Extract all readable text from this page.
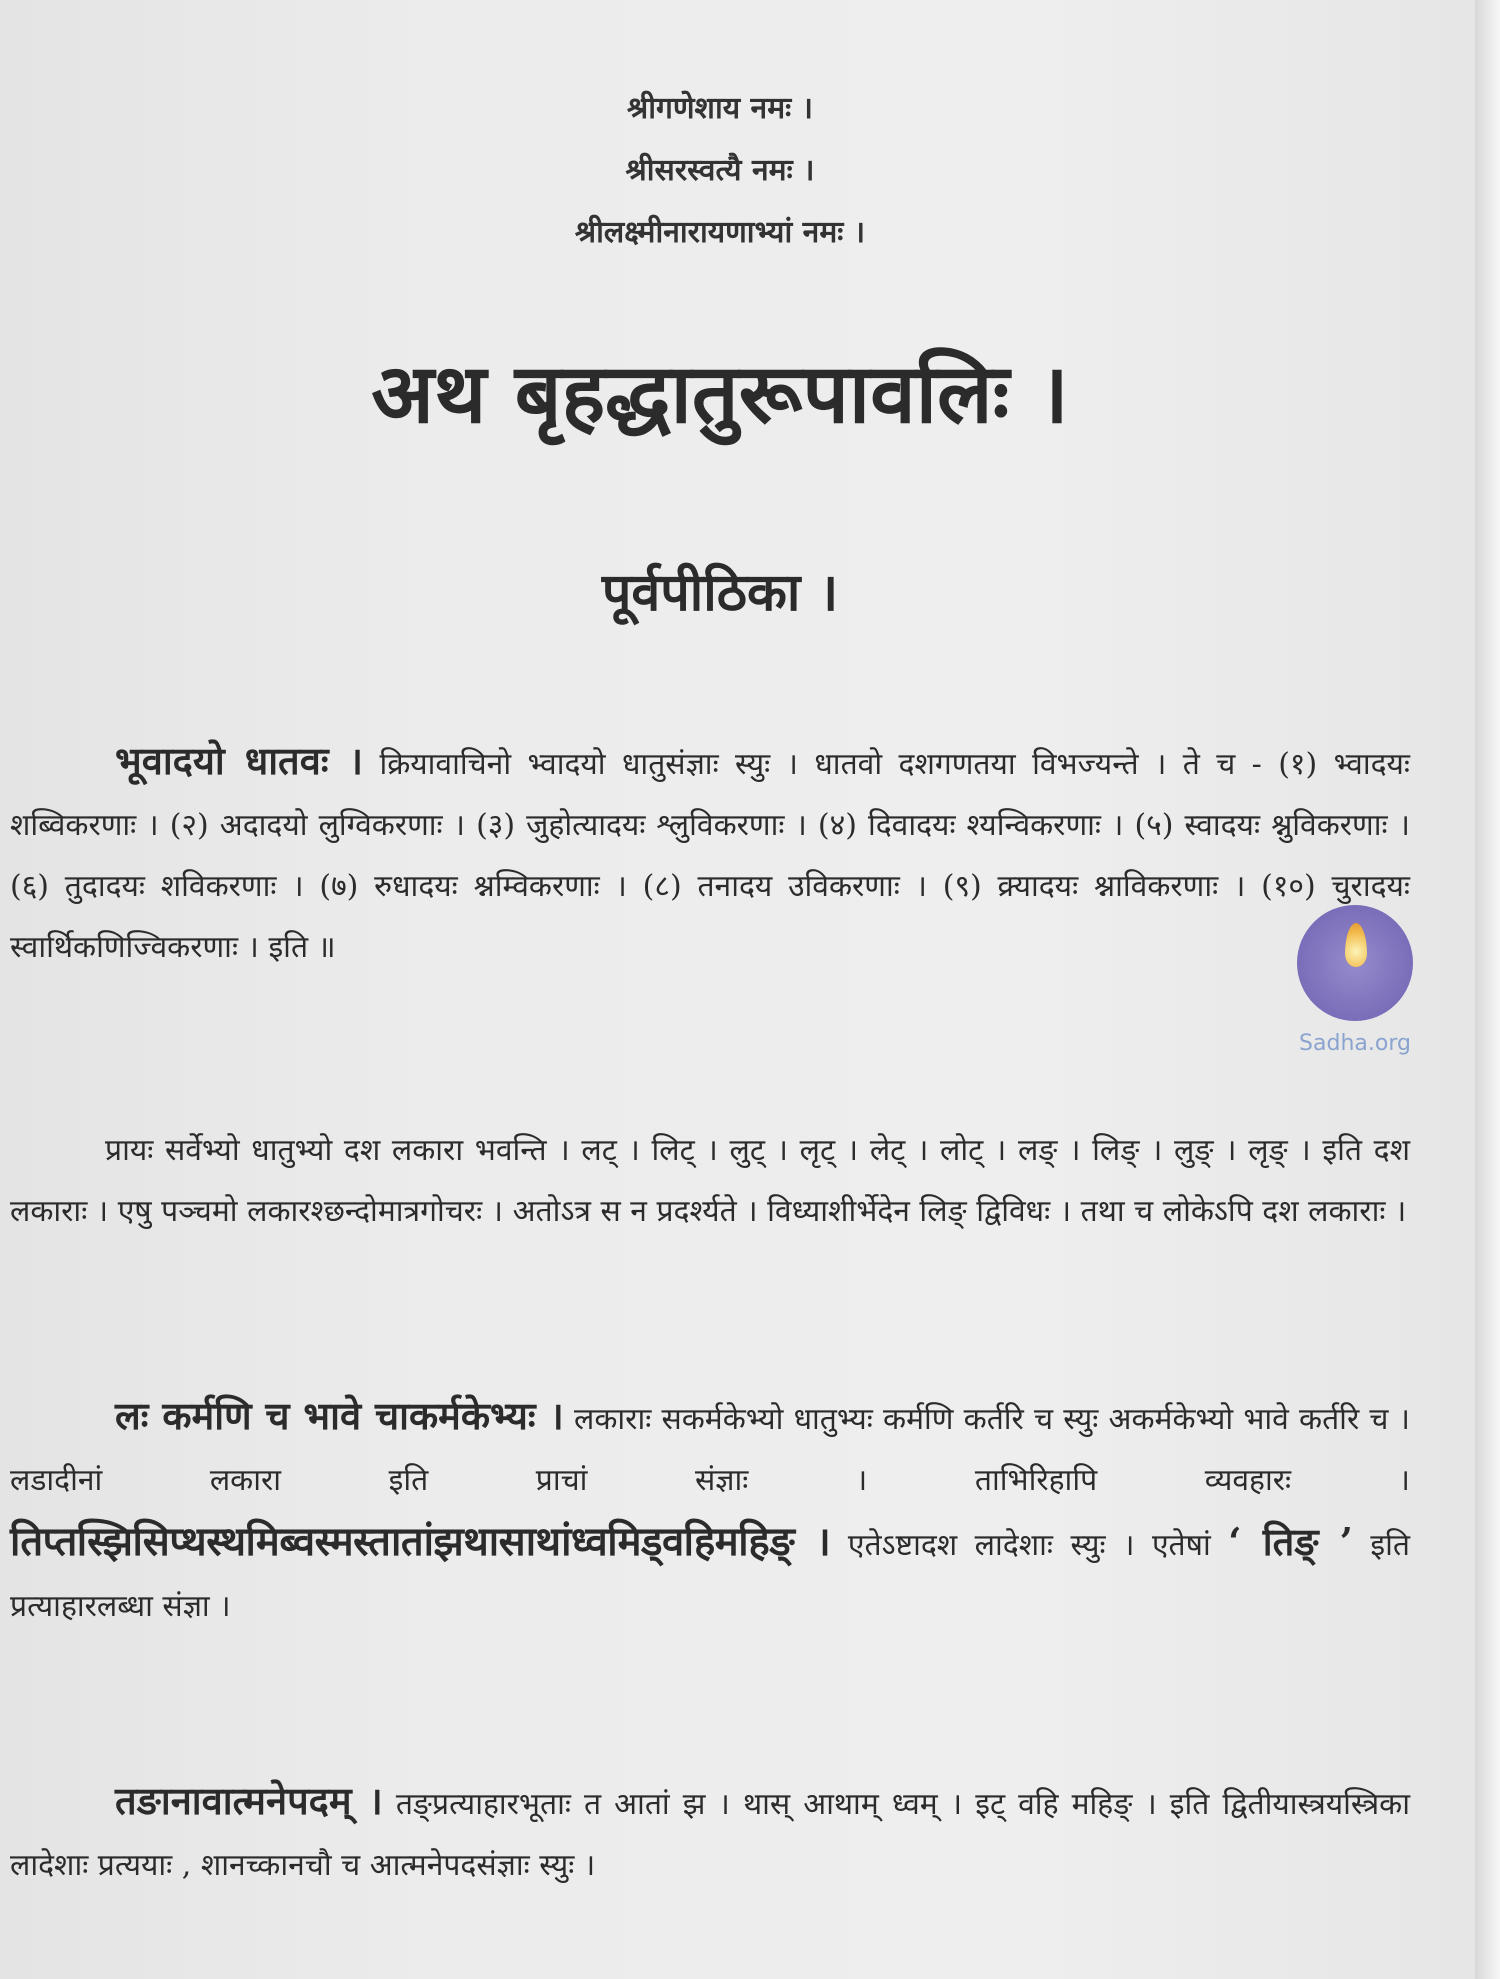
श्रीगणेशाय नमः ।
श्रीसरस्वत्यै नमः ।
श्रीलक्ष्मीनारायणाभ्यां नमः ।
अथ बृहद्धातुरूपावलिः ।
पूर्वपीठिका ।
भूवादयो धातवः । क्रियावाचिनो भ्वादयो धातुसंज्ञाः स्युः । धातवो दशगणतया विभज्यन्ते । ते च - (१) भ्वादयः शब्विकरणाः । (२) अदादयो लुग्विकरणाः । (३) जुहोत्यादयः श्लुविकरणाः । (४) दिवादयः श्यन्विकरणाः । (५) स्वादयः श्नुविकरणाः । (६) तुदादयः शविकरणाः । (७) रुधादयः श्नम्विकरणाः । (८) तनादय उविकरणाः । (९) क्र्यादयः श्नाविकरणाः । (१०) चुरादयः स्वार्थिकणिज्विकरणाः । इति ॥
प्रायः सर्वेभ्यो धातुभ्यो दश लकारा भवन्ति । लट् । लिट् । लुट् । लृट् । लेट् । लोट् । लङ् । लिङ् । लुङ् । लृङ् । इति दश लकाराः । एषु पञ्चमो लकारश्छन्दोमात्रगोचरः । अतोऽत्र स न प्रदर्श्यते । विध्याशीर्भेदेन लिङ् द्विविधः । तथा च लोकेऽपि दश लकाराः ।
लः कर्मणि च भावे चाकर्मकेभ्यः । लकाराः सकर्मकेभ्यो धातुभ्यः कर्मणि कर्तरि च स्युः अकर्मकेभ्यो भावे कर्तरि च । लडादीनां लकारा इति प्राचां संज्ञाः । ताभिरिहापि व्यवहारः । तिप्तस्झिसिप्थस्थमिब्वस्मस्तातांझथासाथांध्वमिड्वहिमहिङ् । एतेऽष्टादश लादेशाः स्युः । एतेषां ‘ तिङ् ’ इति प्रत्याहारलब्धा संज्ञा ।
तङानावात्मनेपदम् । तङ्प्रत्याहारभूताः त आतां झ । थास् आथाम् ध्वम् । इट् वहि महिङ् । इति द्वितीयास्त्रयस्त्रिका लादेशाः प्रत्ययाः , शानच्कानचौ च आत्मनेपदसंज्ञाः स्युः ।
Sadha.org
